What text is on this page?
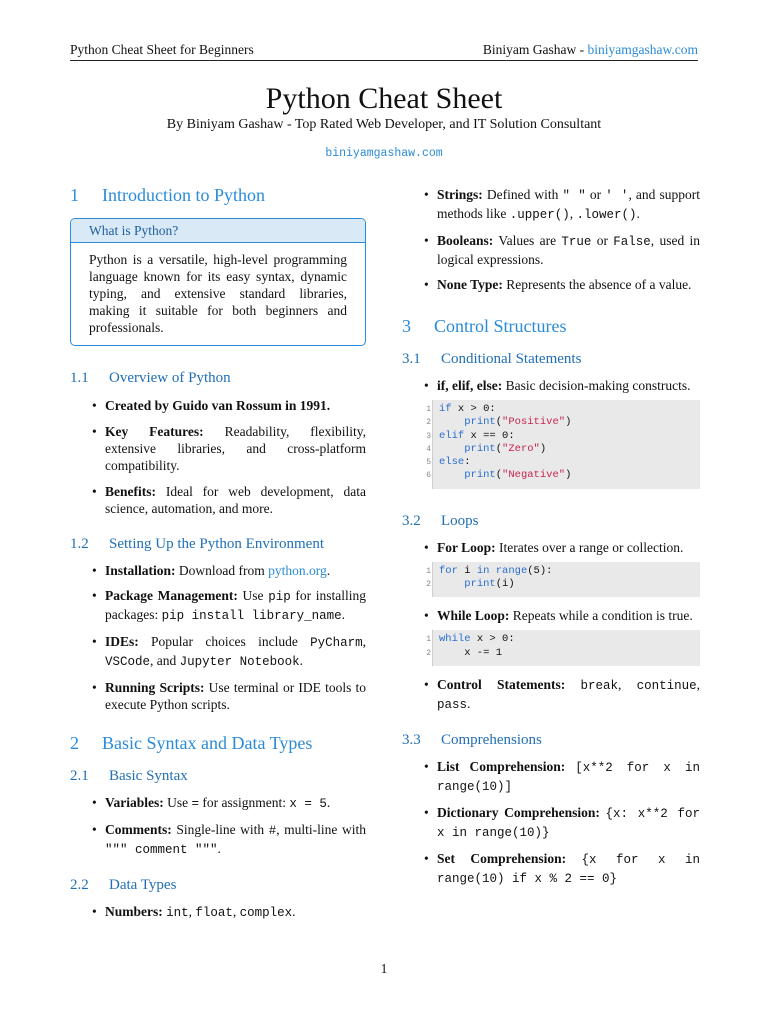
Python Cheat Sheet for Beginners	Biniyam Gashaw - biniyamgashaw.com
Python Cheat Sheet
By Biniyam Gashaw - Top Rated Web Developer, and IT Solution Consultant
biniyamgashaw.com
1	Introduction to Python
What is Python?
Python is a versatile, high-level programming language known for its easy syntax, dynamic typing, and extensive standard libraries, making it suitable for both beginners and professionals.
1.1	Overview of Python
• Created by Guido van Rossum in 1991.
• Key Features: Readability, flexibility, extensive libraries, and cross-platform compatibility.
• Benefits: Ideal for web development, data science, automation, and more.
1.2	Setting Up the Python Environment
• Installation: Download from python.org.
• Package Management: Use pip for installing packages: pip install library_name.
• IDEs: Popular choices include PyCharm, VSCode, and Jupyter Notebook.
• Running Scripts: Use terminal or IDE tools to execute Python scripts.
2	Basic Syntax and Data Types
2.1	Basic Syntax
• Variables: Use = for assignment: x = 5.
• Comments: Single-line with #, multi-line with """ comment """.
2.2	Data Types
• Numbers: int, float, complex.
• Strings: Defined with " " or ' ', and support methods like .upper(), .lower().
• Booleans: Values are True or False, used in logical expressions.
• None Type: Represents the absence of a value.
3	Control Structures
3.1	Conditional Statements
• if, elif, else: Basic decision-making constructs.
1 if x > 0:
2
	print ( "Positive" )
3 elif x == 0:
4
	print ( "Zero" )
5 else :
6
	print ( "Negative" )
3.2	Loops
• For Loop: Iterates over a range or collection.
1 for i in
range (5):
2
	print (i)
• While Loop: Repeats while a condition is true.
1 while x > 0:
2 x -= 1
• Control Statements: break, continue, pass.
3.3	Comprehensions
• List Comprehension: [x**2 for x in range(10)]
• Dictionary Comprehension: {x: x**2 for x in range(10)}
• Set Comprehension: {x for x in range(10) if x % 2 == 0}
1
